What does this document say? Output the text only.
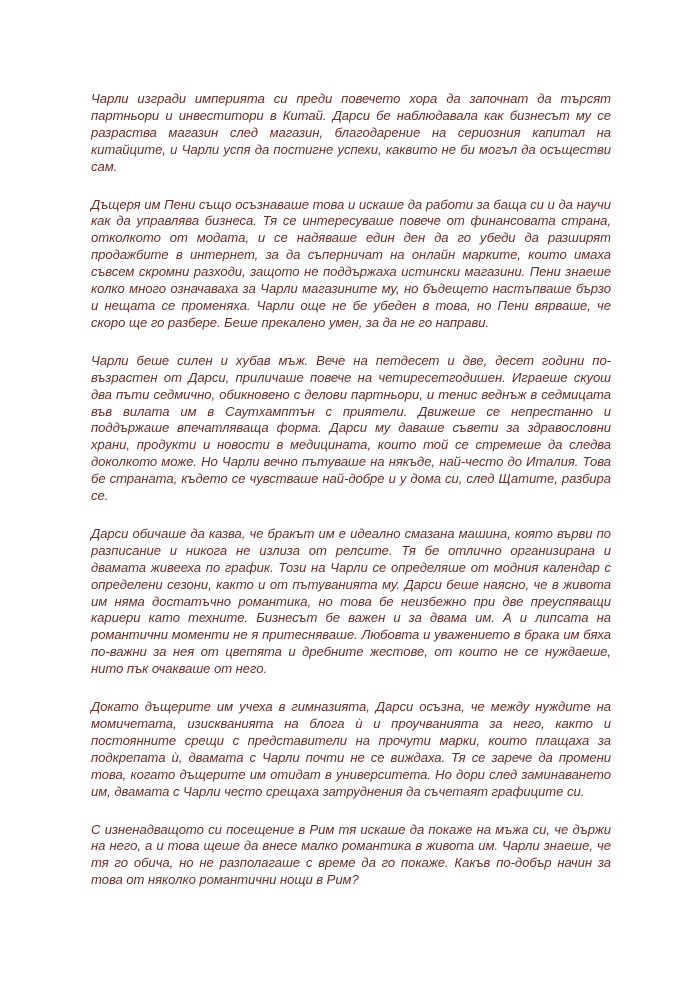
Чарли изгради империята си преди повечето хора да започнат да търсят партньори и инвеститори в Китай. Дарси бе наблюдавала как бизнесът му се разраства магазин след магазин, благодарение на сериозния капитал на китайците, и Чарли успя да постигне успехи, каквито не би могъл да осъществи сам.

Дъщеря им Пени също осъзнаваше това и искаше да работи за баща си и да научи как да управлява бизнеса. Тя се интересуваше повече от финансовата страна, отколкото от модата, и се надяваше един ден да го убеди да разширят продажбите в интернет, за да съперничат на онлайн марките, които имаха съвсем скромни разходи, защото не поддържаха истински магазини. Пени знаеше колко много означаваха за Чарли магазините му, но бъдещето настъпваше бързо и нещата се променяха. Чарли още не бе убеден в това, но Пени вярваше, че скоро ще го разбере. Беше прекалено умен, за да не го направи.

Чарли беше силен и хубав мъж. Вече на петдесет и две, десет години по-възрастен от Дарси, приличаше повече на четиресетгодишен. Играеше скуош два пъти седмично, обикновено с делови партньори, и тенис веднъж в седмицата във вилата им в Саутхамптън с приятели. Движеше се непрестанно и поддържаше впечатляваща форма. Дарси му даваше съвети за здравословни храни, продукти и новости в медицината, които той се стремеше да следва доколкото може. Но Чарли вечно пътуваше на някъде, най-често до Италия. Това бе страната, където се чувстваше най-добре и у дома си, след Щатите, разбира се.

Дарси обичаше да казва, че бракът им е идеално смазана машина, която върви по разписание и никога не излиза от релсите. Тя бе отлично организирана и двамата живееха по график. Този на Чарли се определяше от модния календар с определени сезони, както и от пътуванията му. Дарси беше наясно, че в живота им няма достатъчно романтика, но това бе неизбежно при две преуспяващи кариери като техните. Бизнесът бе важен и за двама им. А и липсата на романтични моменти не я притесняваше. Любовта и уважението в брака им бяха по-важни за нея от цветята и дребните жестове, от които не се нуждаеше, нито пък очакваше от него.

Докато дъщерите им учеха в гимназията, Дарси осъзна, че между нуждите на момичетата, изискванията на блога ѝ и проучванията за него, както и постоянните срещи с представители на прочути марки, които плащаха за подкрепата ѝ, двамата с Чарли почти не се виждаха. Тя се зарече да промени това, когато дъщерите им отидат в университета. Но дори след заминаването им, двамата с Чарли често срещаха затруднения да съчетаят графиците си.

С изненадващото си посещение в Рим тя искаше да покаже на мъжа си, че държи на него, а и това щеше да внесе малко романтика в живота им. Чарли знаеше, че тя го обича, но не разполагаше с време да го покаже. Какъв по-добър начин за това от няколко романтични нощи в Рим?
